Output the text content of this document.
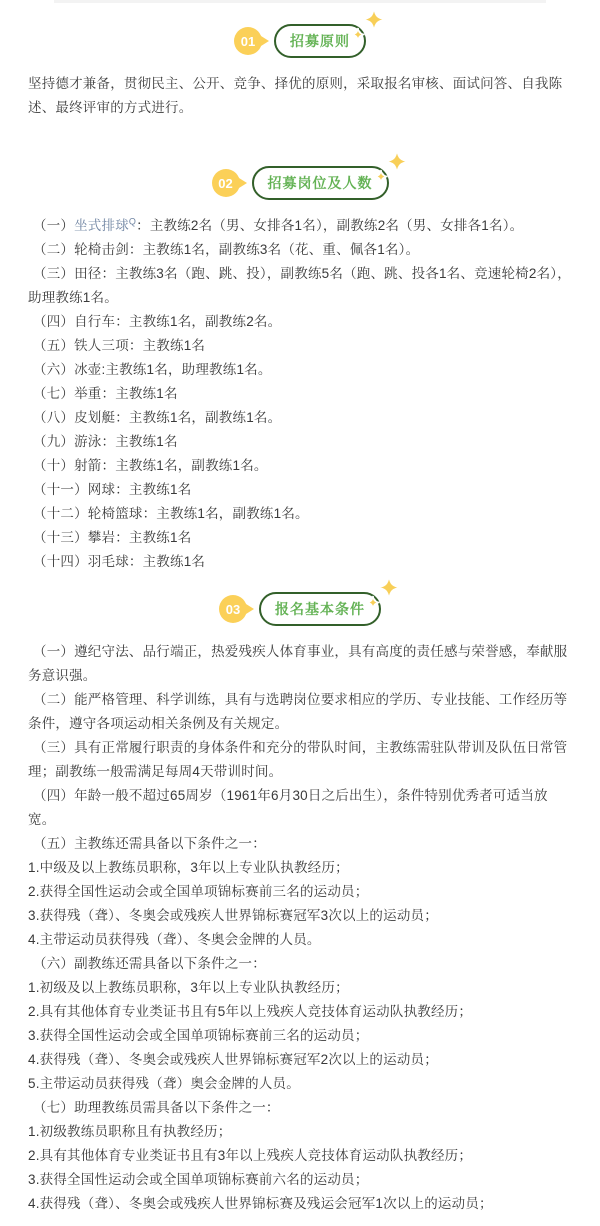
01	招募原则

坚持德才兼备，贯彻民主、公开、竞争、择优的原则，采取报名审核、面试问答、自我陈述、最终评审的方式进行。

02	招募岗位及人数

（一）坐式排球$^Q$：主教练2名（男、女排各1名），副教练2名（男、女排各1名）。

（二）轮椅击剑：主教练1名，副教练3名（花、重、佩各1名）。

（三）田径：主教练3名（跑、跳、投），副教练5名（跑、跳、投各1名、竞速轮椅2名），助理教练1名。

（四）自行车：主教练1名，副教练2名。

（五）铁人三项：主教练1名

（六）冰壶:主教练1名，助理教练1名。

（七）举重：主教练1名

（八）皮划艇：主教练1名，副教练1名。

（九）游泳：主教练1名

（十）射箭：主教练1名，副教练1名。

（十一）网球：主教练1名

（十二）轮椅篮球：主教练1名，副教练1名。

（十三）攀岩：主教练1名

（十四）羽毛球：主教练1名

03	报名基本条件

（一）遵纪守法、品行端正，热爱残疾人体育事业，具有高度的责任感与荣誉感，奉献服务意识强。

（二）能严格管理、科学训练，具有与选聘岗位要求相应的学历、专业技能、工作经历等条件，遵守各项运动相关条例及有关规定。

（三）具有正常履行职责的身体条件和充分的带队时间，主教练需驻队带训及队伍日常管理；副教练一般需满足每周4天带训时间。

（四）年龄一般不超过65周岁（1961年6月30日之后出生），条件特别优秀者可适当放宽。

（五）主教练还需具备以下条件之一：

1.中级及以上教练员职称，3年以上专业队执教经历；

2.获得全国性运动会或全国单项锦标赛前三名的运动员；

3.获得残（聋）、冬奥会或残疾人世界锦标赛冠军3次以上的运动员；

4.主带运动员获得残（聋）、冬奥会金牌的人员。

（六）副教练还需具备以下条件之一：

1.初级及以上教练员职称，3年以上专业队执教经历；

2.具有其他体育专业类证书且有5年以上残疾人竞技体育运动队执教经历；

3.获得全国性运动会或全国单项锦标赛前三名的运动员；

4.获得残（聋）、冬奥会或残疾人世界锦标赛冠军2次以上的运动员；

5.主带运动员获得残（聋）奥会金牌的人员。

（七）助理教练员需具备以下条件之一：

1.初级教练员职称且有执教经历；

2.具有其他体育专业类证书且有3年以上残疾人竞技体育运动队执教经历；

3.获得全国性运动会或全国单项锦标赛前六名的运动员；

4.获得残（聋）、冬奥会或残疾人世界锦标赛及残运会冠军1次以上的运动员；
